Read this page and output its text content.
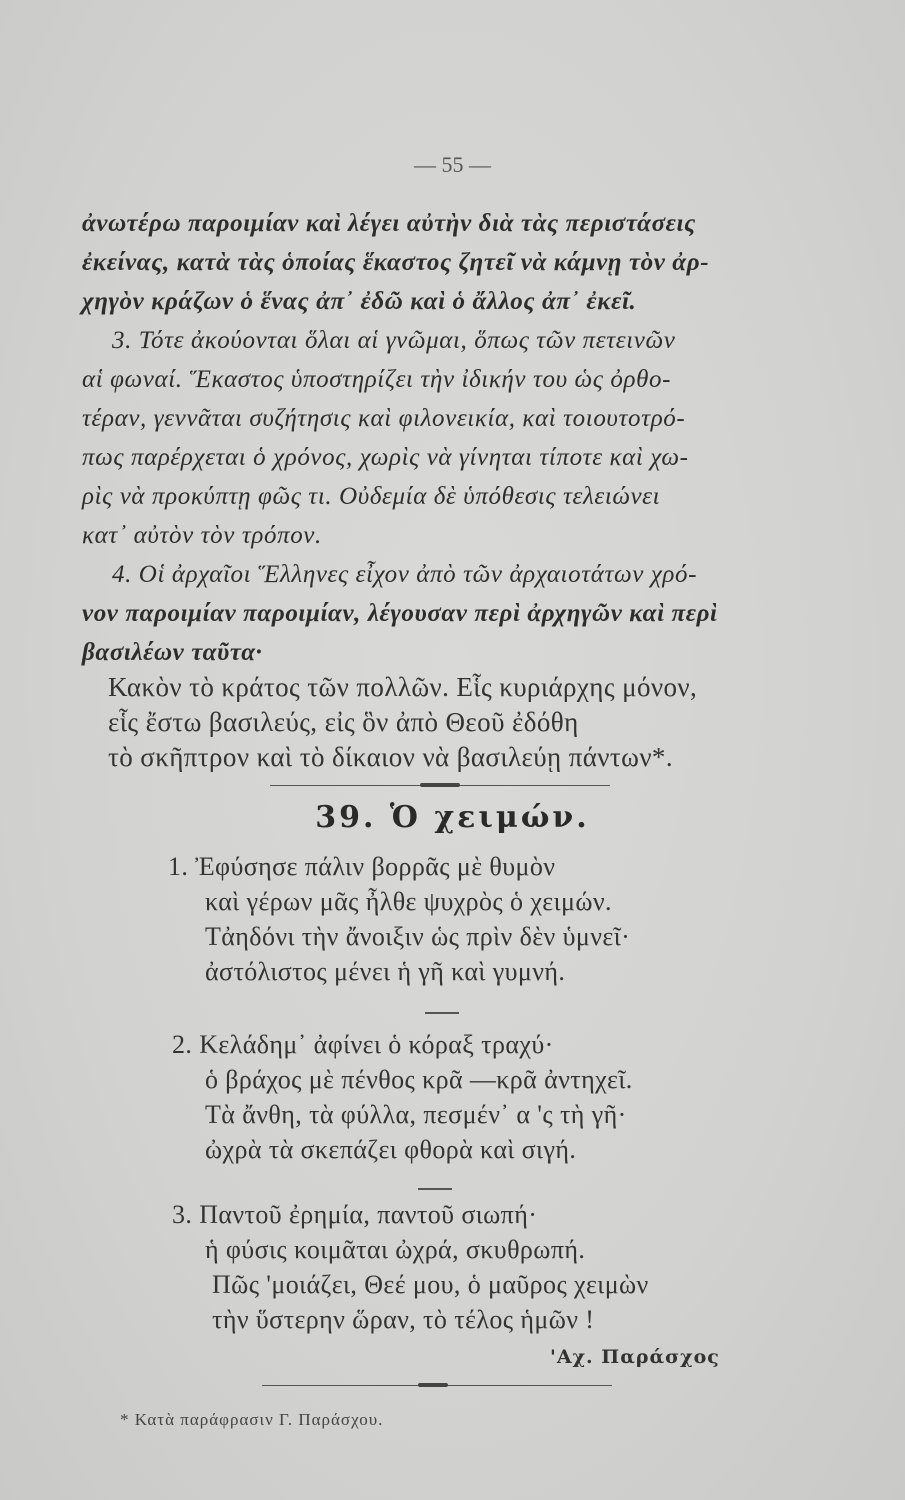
— 55 —
ἀνωτέρω παροιμίαν καὶ λέγει αὐτὴν διὰ τὰς περιστάσεις
ἐκείνας, κατὰ τὰς ὁποίας ἕκαστος ζητεῖ νὰ κάμνῃ τὸν ἀρ-
χηγὸν κράζων ὁ ἕνας ἀπ᾽ ἐδῶ καὶ ὁ ἄλλος ἀπ᾽ ἐκεῖ.
3. Τότε ἀκούονται ὅλαι αἱ γνῶμαι, ὅπως τῶν πετεινῶν
αἱ φωναί. Ἕκαστος ὑποστηρίζει τὴν ἰδικήν του ὡς ὀρθο-
τέραν, γεννᾶται συζήτησις καὶ φιλονεικία, καὶ τοιουτοτρό-
πως παρέρχεται ὁ χρόνος, χωρὶς νὰ γίνηται τίποτε καὶ χω-
ρὶς νὰ προκύπτῃ φῶς τι. Οὐδεμία δὲ ὑπόθεσις τελειώνει
κατ᾽ αὐτὸν τὸν τρόπον.
4. Οἱ ἀρχαῖοι Ἕλληνες εἶχον ἀπὸ τῶν ἀρχαιοτάτων χρό-
νον παροιμίαν παροιμίαν, λέγουσαν περὶ ἀρχηγῶν καὶ περὶ
βασιλέων ταῦτα·
Κακὸν τὸ κράτος τῶν πολλῶν. Εἷς κυριάρχης μόνον,
εἷς ἔστω βασιλεύς, εἰς ὃν ἀπὸ Θεοῦ ἐδόθη
τὸ σκῆπτρον καὶ τὸ δίκαιον νὰ βασιλεύῃ πάντων*.
39. Ὁ χειμών.
1. Ἐφύσησε πάλιν βορρᾶς μὲ θυμὸν
καὶ γέρων μᾶς ἦλθε ψυχρὸς ὁ χειμών.
Τἀηδόνι τὴν ἄνοιξιν ὡς πρὶν δὲν ὑμνεῖ·
ἀστόλιστος μένει ἡ γῆ καὶ γυμνή.
2. Κελάδημ᾽ ἀφίνει ὁ κόραξ τραχύ·
ὁ βράχος μὲ πένθος κρᾶ —κρᾶ ἀντηχεῖ.
Τὰ ἄνθη, τὰ φύλλα, πεσμέν᾽ α 'ς τὴ γῆ·
ὠχρὰ τὰ σκεπάζει φθορὰ καὶ σιγή.
3. Παντοῦ ἐρημία, παντοῦ σιωπή·
ἡ φύσις κοιμᾶται ὠχρά, σκυθρωπή.
Πῶς 'μοιάζει, Θεέ μου, ὁ μαῦρος χειμὼν
τὴν ὕστερην ὥραν, τὸ τέλος ἡμῶν !
'Αχ. Παράσχος
* Κατὰ παράφρασιν Γ. Παράσχου.
